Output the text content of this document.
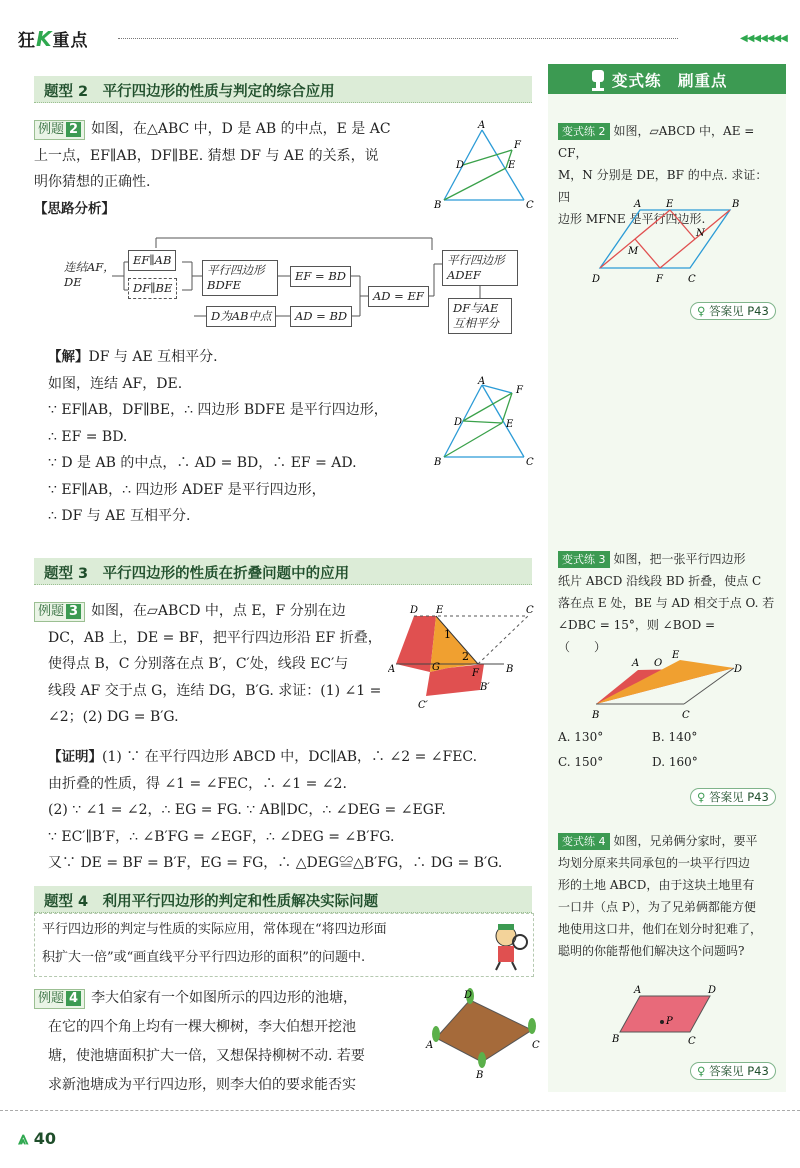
狂K重点	◀◀◀◀◀◀◀
题型 2　平行四边形的性质与判定的综合应用
例题 2 如图，在△ABC 中，D 是 AB 的中点，E 是 AC
上一点，EF∥AB，DF∥BE. 猜想 DF 与 AE 的关系，说
明你猜想的正确性.
【思路分析】
A
D	E
F
B	C
连结AF，DE
EF∥AB
DF∥BE
平行四边形BDFE
EF = BD
D为AB中点	AD = BD
AD = EF
平行四边形ADEF
DF与AE互相平分
【解】DF 与 AE 互相平分.
如图，连结 AF，DE.
∵ EF∥AB，DF∥BE，∴ 四边形 BDFE 是平行四边形，
∴ EF = BD.
∵ D 是 AB 的中点，∴ AD = BD，∴ EF = AD.
∵ EF∥AB，∴ 四边形 ADEF 是平行四边形，
∴ DF 与 AE 互相平分.
A
D	E
F
B	C
题型 3　平行四边形的性质在折叠问题中的应用
例题 3 如图，在▱ABCD 中，点 E，F 分别在边
DC，AB 上，DE = BF，把平行四边形沿 EF 折叠，
使得点 B，C 分别落在点 B′，C′处，线段 EC′与
线段 AF 交于点 G，连结 DG，B′G. 求证：(1) ∠1 =
∠2；(2) DG = B′G.
D E	C
A	G
F	B
B′
C′
1
2
【证明】(1) ∵ 在平行四边形 ABCD 中，DC∥AB，∴ ∠2 = ∠FEC.
由折叠的性质，得 ∠1 = ∠FEC，∴ ∠1 = ∠2.
(2) ∵ ∠1 = ∠2，∴ EG = FG. ∵ AB∥DC，∴ ∠DEG = ∠EGF.
∵ EC′∥B′F，∴ ∠B′FG = ∠EGF，∴ ∠DEG = ∠B′FG.
又∵ DE = BF = B′F，EG = FG，∴ △DEG≌△B′FG，∴ DG = B′G.
题型 4　利用平行四边形的判定和性质解决实际问题
平行四边形的判定与性质的实际应用，常体现在“将四边形面
积扩大一倍”或“画直线平分平行四边形的面积”的问题中.
例题 4 李大伯家有一个如图所示的四边形的池塘，
在它的四个角上均有一棵大柳树，李大伯想开挖池
塘，使池塘面积扩大一倍，又想保持柳树不动. 若要
求新池塘成为平行四边形，则李大伯的要求能否实
D
C
A
B
变式练　刷重点
变式练 2 如图，▱ABCD 中，AE = CF，
M，N 分别是 DE，BF 的中点. 求证：四
边形 MFNE 是平行四边形.
A E	B
D	F	C
M
N
♀ 答案见 P43
变式练 3 如图，把一张平行四边形
纸片 ABCD 沿线段 BD 折叠，使点 C
落在点 E 处，BE 与 AD 相交于点 O. 若
∠DBC = 15°，则 ∠BOD =　　　（　　）
A O
E
D
B	C
A. 130°	B. 140°
C. 150°	D. 160°
♀ 答案见 P43
变式练 4 如图，兄弟俩分家时，要平
均划分原来共同承包的一块平行四边
形的土地 ABCD，由于这块土地里有
一口井（点 P），为了兄弟俩都能方便
地使用这口井，他们在划分时犯难了，
聪明的你能帮他们解决这个问题吗?
A	D
B	C
P
♀ 答案见 P43
⩓ 40
